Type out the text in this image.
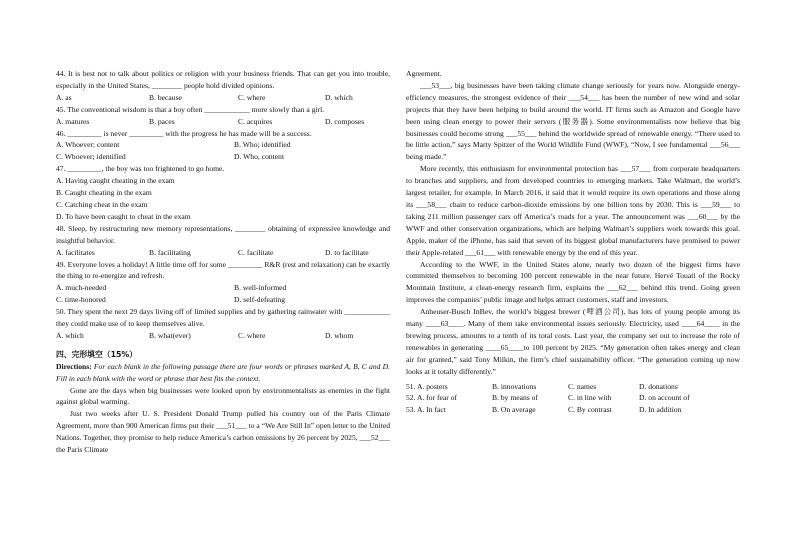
44. It is best not to talk about politics or religion with your business friends. That can get you into trouble, especially in the United States, ________ people hold divided opinions.

A. as	B. because	C. where	D. which

45. The conventional wisdom is that a boy often ____________ more slowly than a girl.

A. matures	B. paces	C. acquires	D. composes

46. _________ is never _________ with the progress he has made will be a success.

A. Whoever; content	B. Who; identified
C. Whoever; identified	D. Who, content

47. _________, the boy was too frightened to go home.

A. Having caught cheating in the exam

B. Caught cheating in the exam

C. Catching cheat in the exam

D. To have been caught to cheat in the exam

48. Sleep, by restructuring new memory representations, ________ obtaining of expressive knowledge and insightful behavior.

A. facilitates	B. facilitating	C. facilitate	D. to facilitate

49. Everyone loves a holiday! A little time off for some _________ R&R (rest and relaxation) can be exactly the thing to re-energize and refresh.

A. much-needed	B. well-informed
C. time-honored	D. self-defeating

50. They spent the next 29 days living off of limited supplies and by gathering rainwater with ____________ they could make use of to keep themselves alive.

A. which	B. what(ever)	C. where	D. whom
四、完形填空（15%）

Directions: For each blank in the following passage there are four words or phrases marked A, B, C and D. Fill in each blank with the word or phrase that best fits the context.

Gone are the days when big businesses were looked upon by environmentalists as enemies in the fight against global warming.

Just two weeks after U. S. President Donald Trump pulled his country out of the Paris Climate Agreement, more than 900 American firms put their ___51___ to a “We Are Still In” open letter to the United Nations. Together, they promise to help reduce America’s carbon emissions by 26 percent by 2025, ___52___ the Paris Climate

Agreement.

___53___, big businesses have been taking climate change seriously for years now. Alongside energy-efficiency measures, the strongest evidence of their ___54___ has been the number of new wind and solar projects that they have been helping to build around the world. IT firms such as Amazon and Google have been using clean energy to power their servers (服务器). Some environmentalists now believe that big businesses could become strong ___55___ behind the worldwide spread of renewable energy. “There used to be little action,” says Marty Spitzer of the World Wildlife Fund (WWF), “Now, I see fundamental ___56___ being made.”

More recently, this enthusiasm for environmental protection has ___57___ from corporate headquarters to branches and suppliers, and from developed countries to emerging markets. Take Walmart, the world’s largest retailer, for example. In March 2016, it said that it would require its own operations and those along its ___58___ chain to reduce carbon-dioxide emissions by one billion tons by 2030. This is ___59___ to taking 211 million passenger cars off America’s roads for a year. The announcement was ___60___ by the WWF and other conservation organizations, which are helping Walmart’s suppliers work towards this goal. Apple, maker of the iPhone, has said that seven of its biggest global manufacturers have promised to power their Apple-related ___61___ with renewable energy by the end of this year.

According to the WWF, in the United States alone, nearly two dozen of the biggest firms have committed themselves to becoming 100 percent renewable in the near future. Hervé Touati of the Rocky Mountain Institute, a clean-energy research firm, explains the ___62___ behind this trend. Going green improves the companies’ public image and helps attract customers, staff and investors.

Anheuser-Busch InBev, the world’s biggest brewer (啤酒公司), has lots of young people among its many ____63____. Many of them take environmental issues seriously. Electricity, used ____64____ in the brewing process, amounts to a tenth of its total costs. Last year, the company set out to increase the role of renewables in generating ____65____to 100 percent by 2025. “My generation often takes energy and clean air for granted,” said Tony Milkin, the firm’s chief sustainability officer. “The generation coming up now looks at it totally differently.”

51. A. posters	B. innovations	C. names	D. donations
52. A. for fear of	B. by means of	C. in line with	D. on account of
53. A. In fact	B. On average	C. By contrast	D. In addition
